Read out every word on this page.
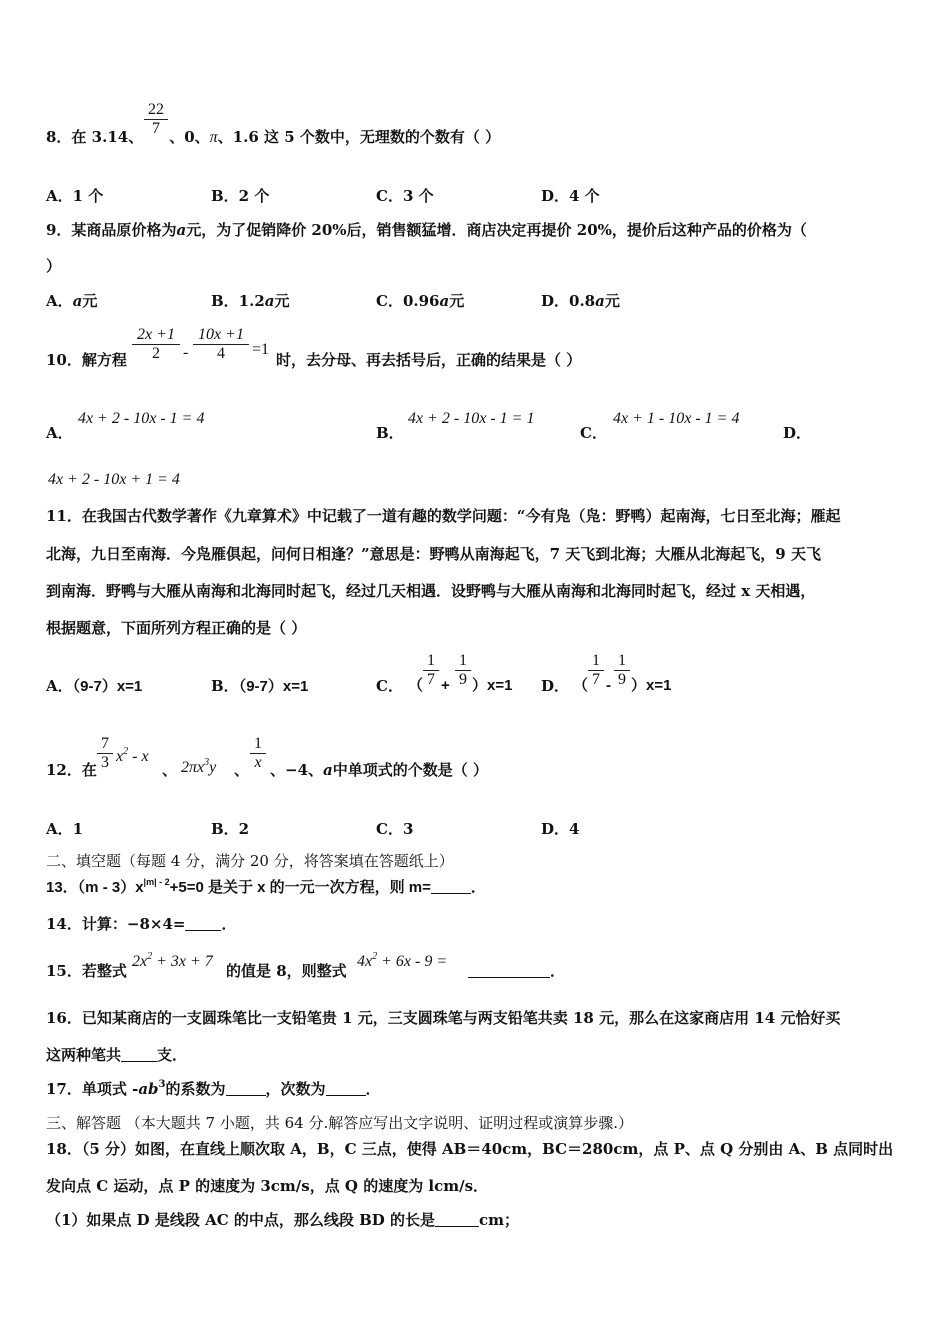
22
7
8．在 3.14、 、0、π、1.6 这 5 个数中，无理数的个数有（ ）
A．1 个	B．2 个	C．3 个	D．4 个
9．某商品原价格为a元，为了促销降价 20%后，销售额猛增．商店决定再提价 20%，提价后这种产品的价格为（
）
A．a元	B．1.2a元	C．0.96a元	D．0.8a元
10．解方程
2x +1
2	-
10x +1
4	=1
时，去分母、再去括号后，正确的结果是（ ）
A．
4x + 2 - 10x - 1 = 4
B．
4x + 2 - 10x - 1 = 1
C．
4x + 1 - 10x - 1 = 4
D．
4x + 2 - 10x + 1 = 4
11．在我国古代数学著作《九章算术》中记载了一道有趣的数学问题：“今有凫（凫：野鸭）起南海，七日至北海；雁起
北海，九日至南海．今凫雁俱起，问何日相逢？”意思是：野鸭从南海起飞，7 天飞到北海；大雁从北海起飞，9 天飞
到南海．野鸭与大雁从南海和北海同时起飞，经过几天相遇．设野鸭与大雁从南海和北海同时起飞，经过 x 天相遇，
根据题意，下面所列方程正确的是（ ）
A．（9-7）x=1	B．（9-7）x=1	C． （
1
7 +
1
9 ）x=1 D． （
1
7 -
1
9 ）x=1
12．在
7
3 $x^2$ - x
、 $2\pi x^3y$ 、
1
x 、−4、a中单项式的个数是（ ）
A．1	B．2	C．3	D．4
二、填空题（每题 4 分，满分 20 分，将答案填在答题纸上）
13．$(m - 3)x^{|m| - 2}+5=0$ 是关于 x 的一元一次方程，则 m=	．
14．计算：−8×4= ．
15．若整式
$2x^2 + 3x + 7$
的值是 8，则整式
$4x^2 + 6x - 9$ =
．
16．已知某商店的一支圆珠笔比一支铅笔贵 1 元，三支圆珠笔与两支铅笔共卖 18 元，那么在这家商店用 14 元恰好买
这两种笔共 支．
17．单项式 $-ab^3$的系数为	，次数为	．
三、解答题 （本大题共 7 小题，共 64 分.解答应写出文字说明、证明过程或演算步骤.）
18．（5 分）如图，在直线上顺次取 A，B，C 三点，使得 AB＝40cm，BC＝280cm，点 P、点 Q 分别由 A、B 点同时出
发向点 C 运动，点 P 的速度为 3cm/s，点 Q 的速度为 lcm/s．
（1）如果点 D 是线段 AC 的中点，那么线段 BD 的长是	cm；
